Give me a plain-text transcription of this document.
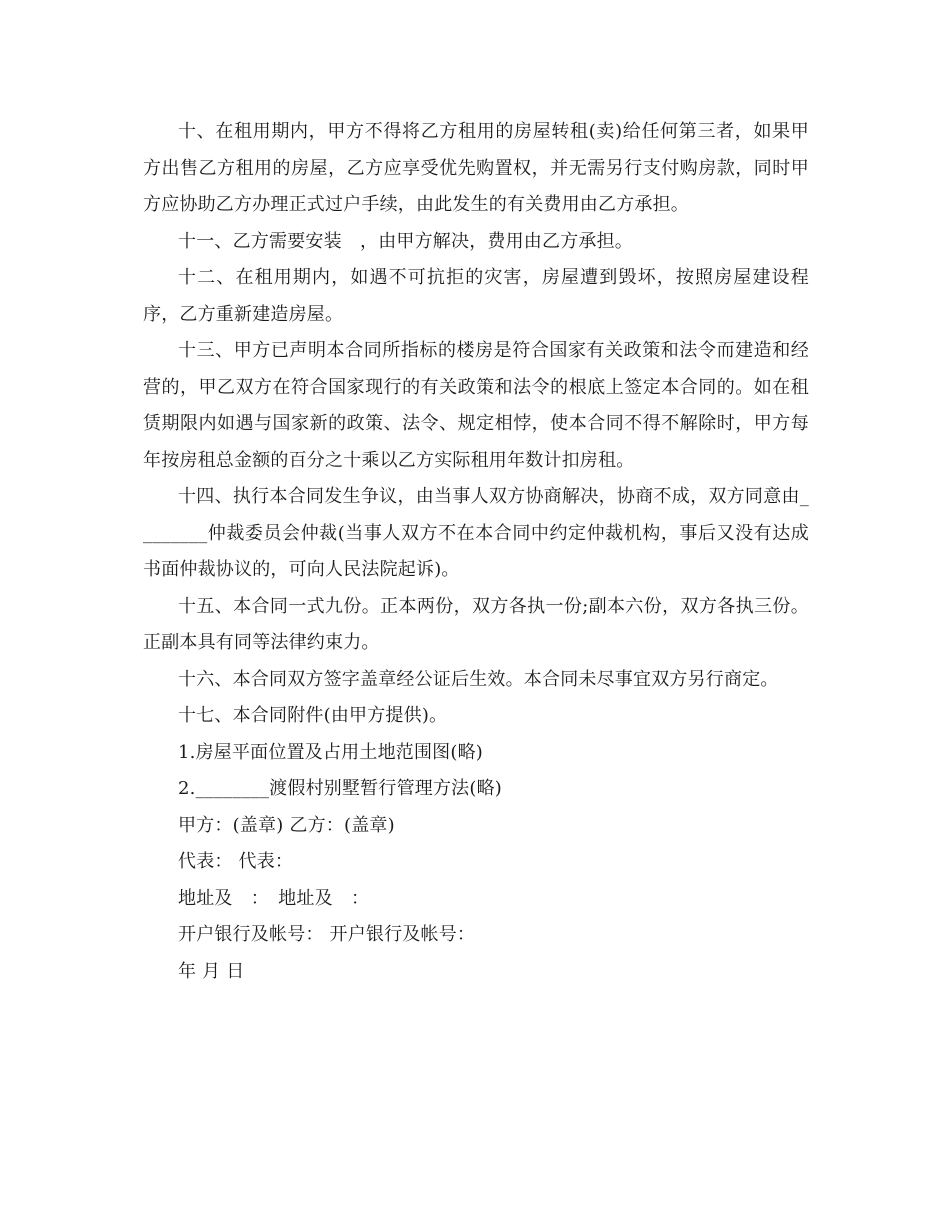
十、在租用期内，甲方不得将乙方租用的房屋转租(卖)给任何第三者，如果甲方出售乙方租用的房屋，乙方应享受优先购置权，并无需另行支付购房款，同时甲方应协助乙方办理正式过户手续，由此发生的有关费用由乙方承担。

十一、乙方需要安装　，由甲方解决，费用由乙方承担。

十二、在租用期内，如遇不可抗拒的灾害，房屋遭到毁坏，按照房屋建设程序，乙方重新建造房屋。

十三、甲方已声明本合同所指标的楼房是符合国家有关政策和法令而建造和经营的，甲乙双方在符合国家现行的有关政策和法令的根底上签定本合同的。如在租赁期限内如遇与国家新的政策、法令、规定相悖，使本合同不得不解除时，甲方每年按房租总金额的百分之十乘以乙方实际租用年数计扣房租。

十四、执行本合同发生争议，由当事人双方协商解决，协商不成，双方同意由________仲裁委员会仲裁(当事人双方不在本合同中约定仲裁机构，事后又没有达成书面仲裁协议的，可向人民法院起诉)。

十五、本合同一式九份。正本两份，双方各执一份;副本六份，双方各执三份。正副本具有同等法律约束力。

十六、本合同双方签字盖章经公证后生效。本合同未尽事宜双方另行商定。

十七、本合同附件(由甲方提供)。

1.房屋平面位置及占用土地范围图(略)

2.________渡假村别墅暂行管理方法(略)

甲方：(盖章) 乙方：(盖章)

代表： 代表：

地址及　：　地址及　：

开户银行及帐号： 开户银行及帐号：

年 月 日
